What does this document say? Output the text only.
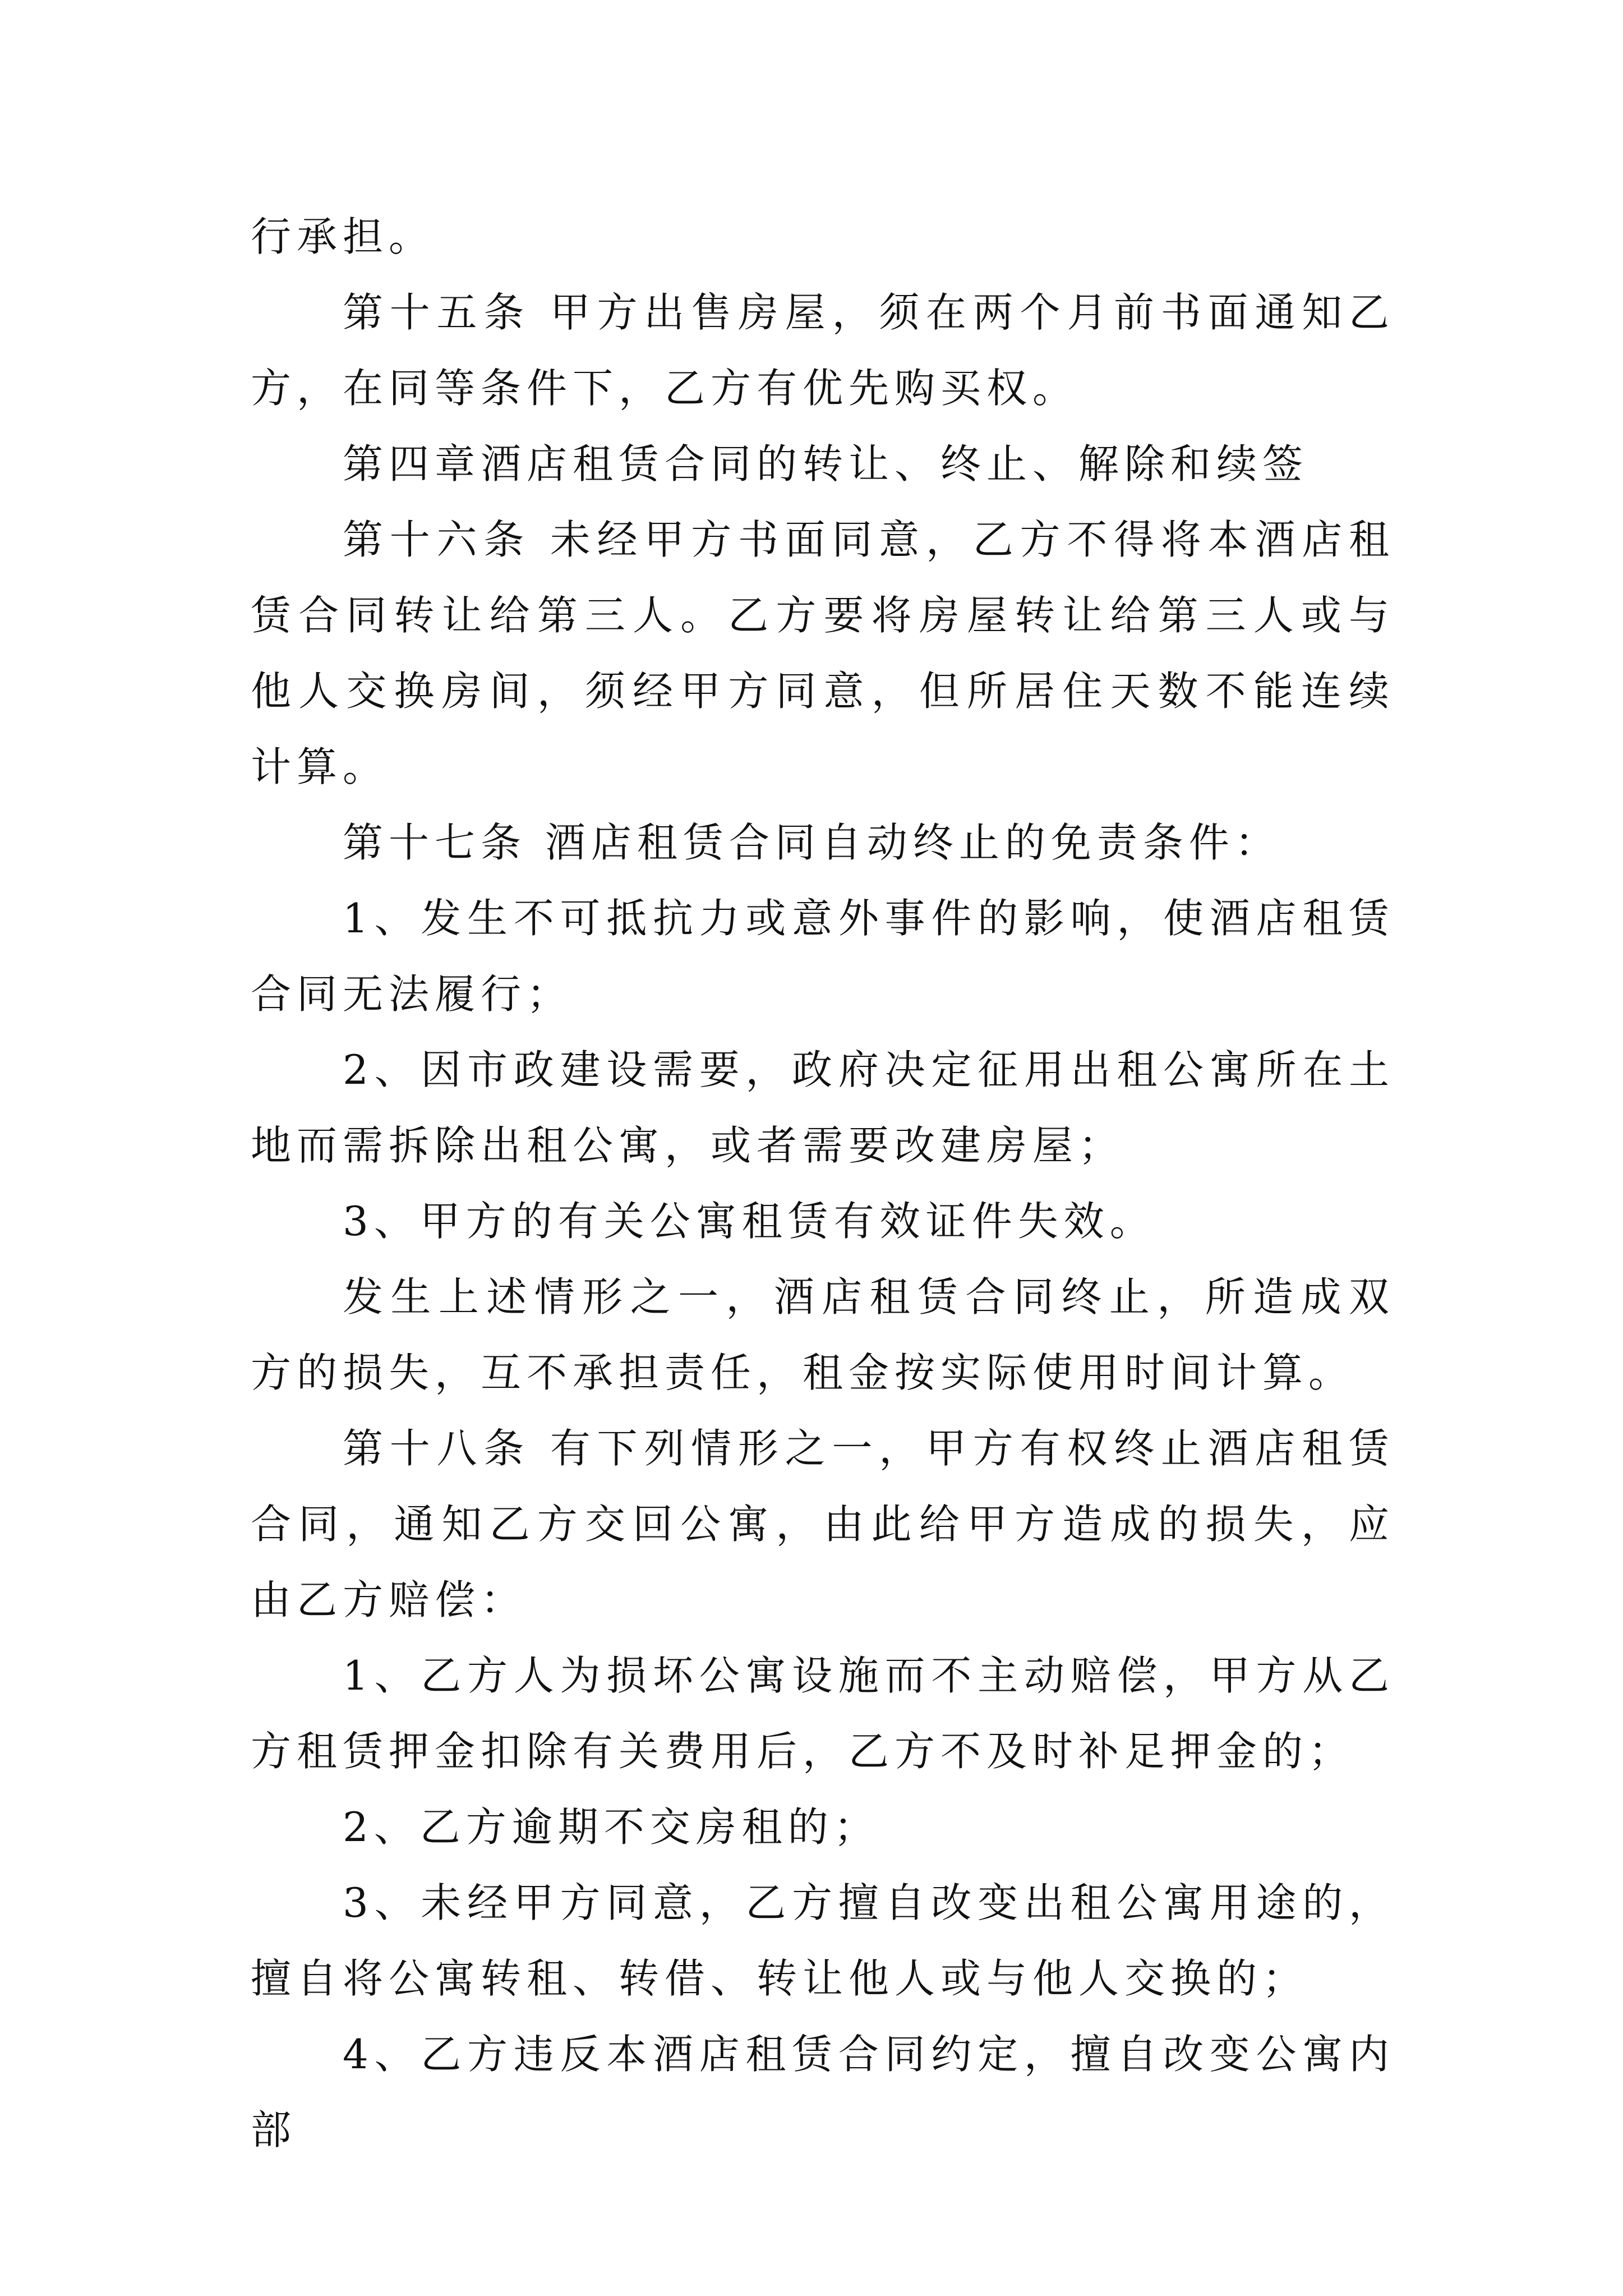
行承担。

第十五条 甲方出售房屋，须在两个月前书面通知乙方，在同等条件下，乙方有优先购买权。

第四章酒店租赁合同的转让、终止、解除和续签

第十六条 未经甲方书面同意，乙方不得将本酒店租赁合同转让给第三人。乙方要将房屋转让给第三人或与他人交换房间，须经甲方同意，但所居住天数不能连续计算。

第十七条 酒店租赁合同自动终止的免责条件：

1、发生不可抵抗力或意外事件的影响，使酒店租赁合同无法履行；

2、因市政建设需要，政府决定征用出租公寓所在土地而需拆除出租公寓，或者需要改建房屋；

3、甲方的有关公寓租赁有效证件失效。

发生上述情形之一，酒店租赁合同终止，所造成双方的损失，互不承担责任，租金按实际使用时间计算。

第十八条 有下列情形之一，甲方有权终止酒店租赁合同，通知乙方交回公寓，由此给甲方造成的损失，应由乙方赔偿：

1、乙方人为损坏公寓设施而不主动赔偿，甲方从乙方租赁押金扣除有关费用后，乙方不及时补足押金的；

2、乙方逾期不交房租的；

3、未经甲方同意，乙方擅自改变出租公寓用途的，擅自将公寓转租、转借、转让他人或与他人交换的；

4、乙方违反本酒店租赁合同约定，擅自改变公寓内部
